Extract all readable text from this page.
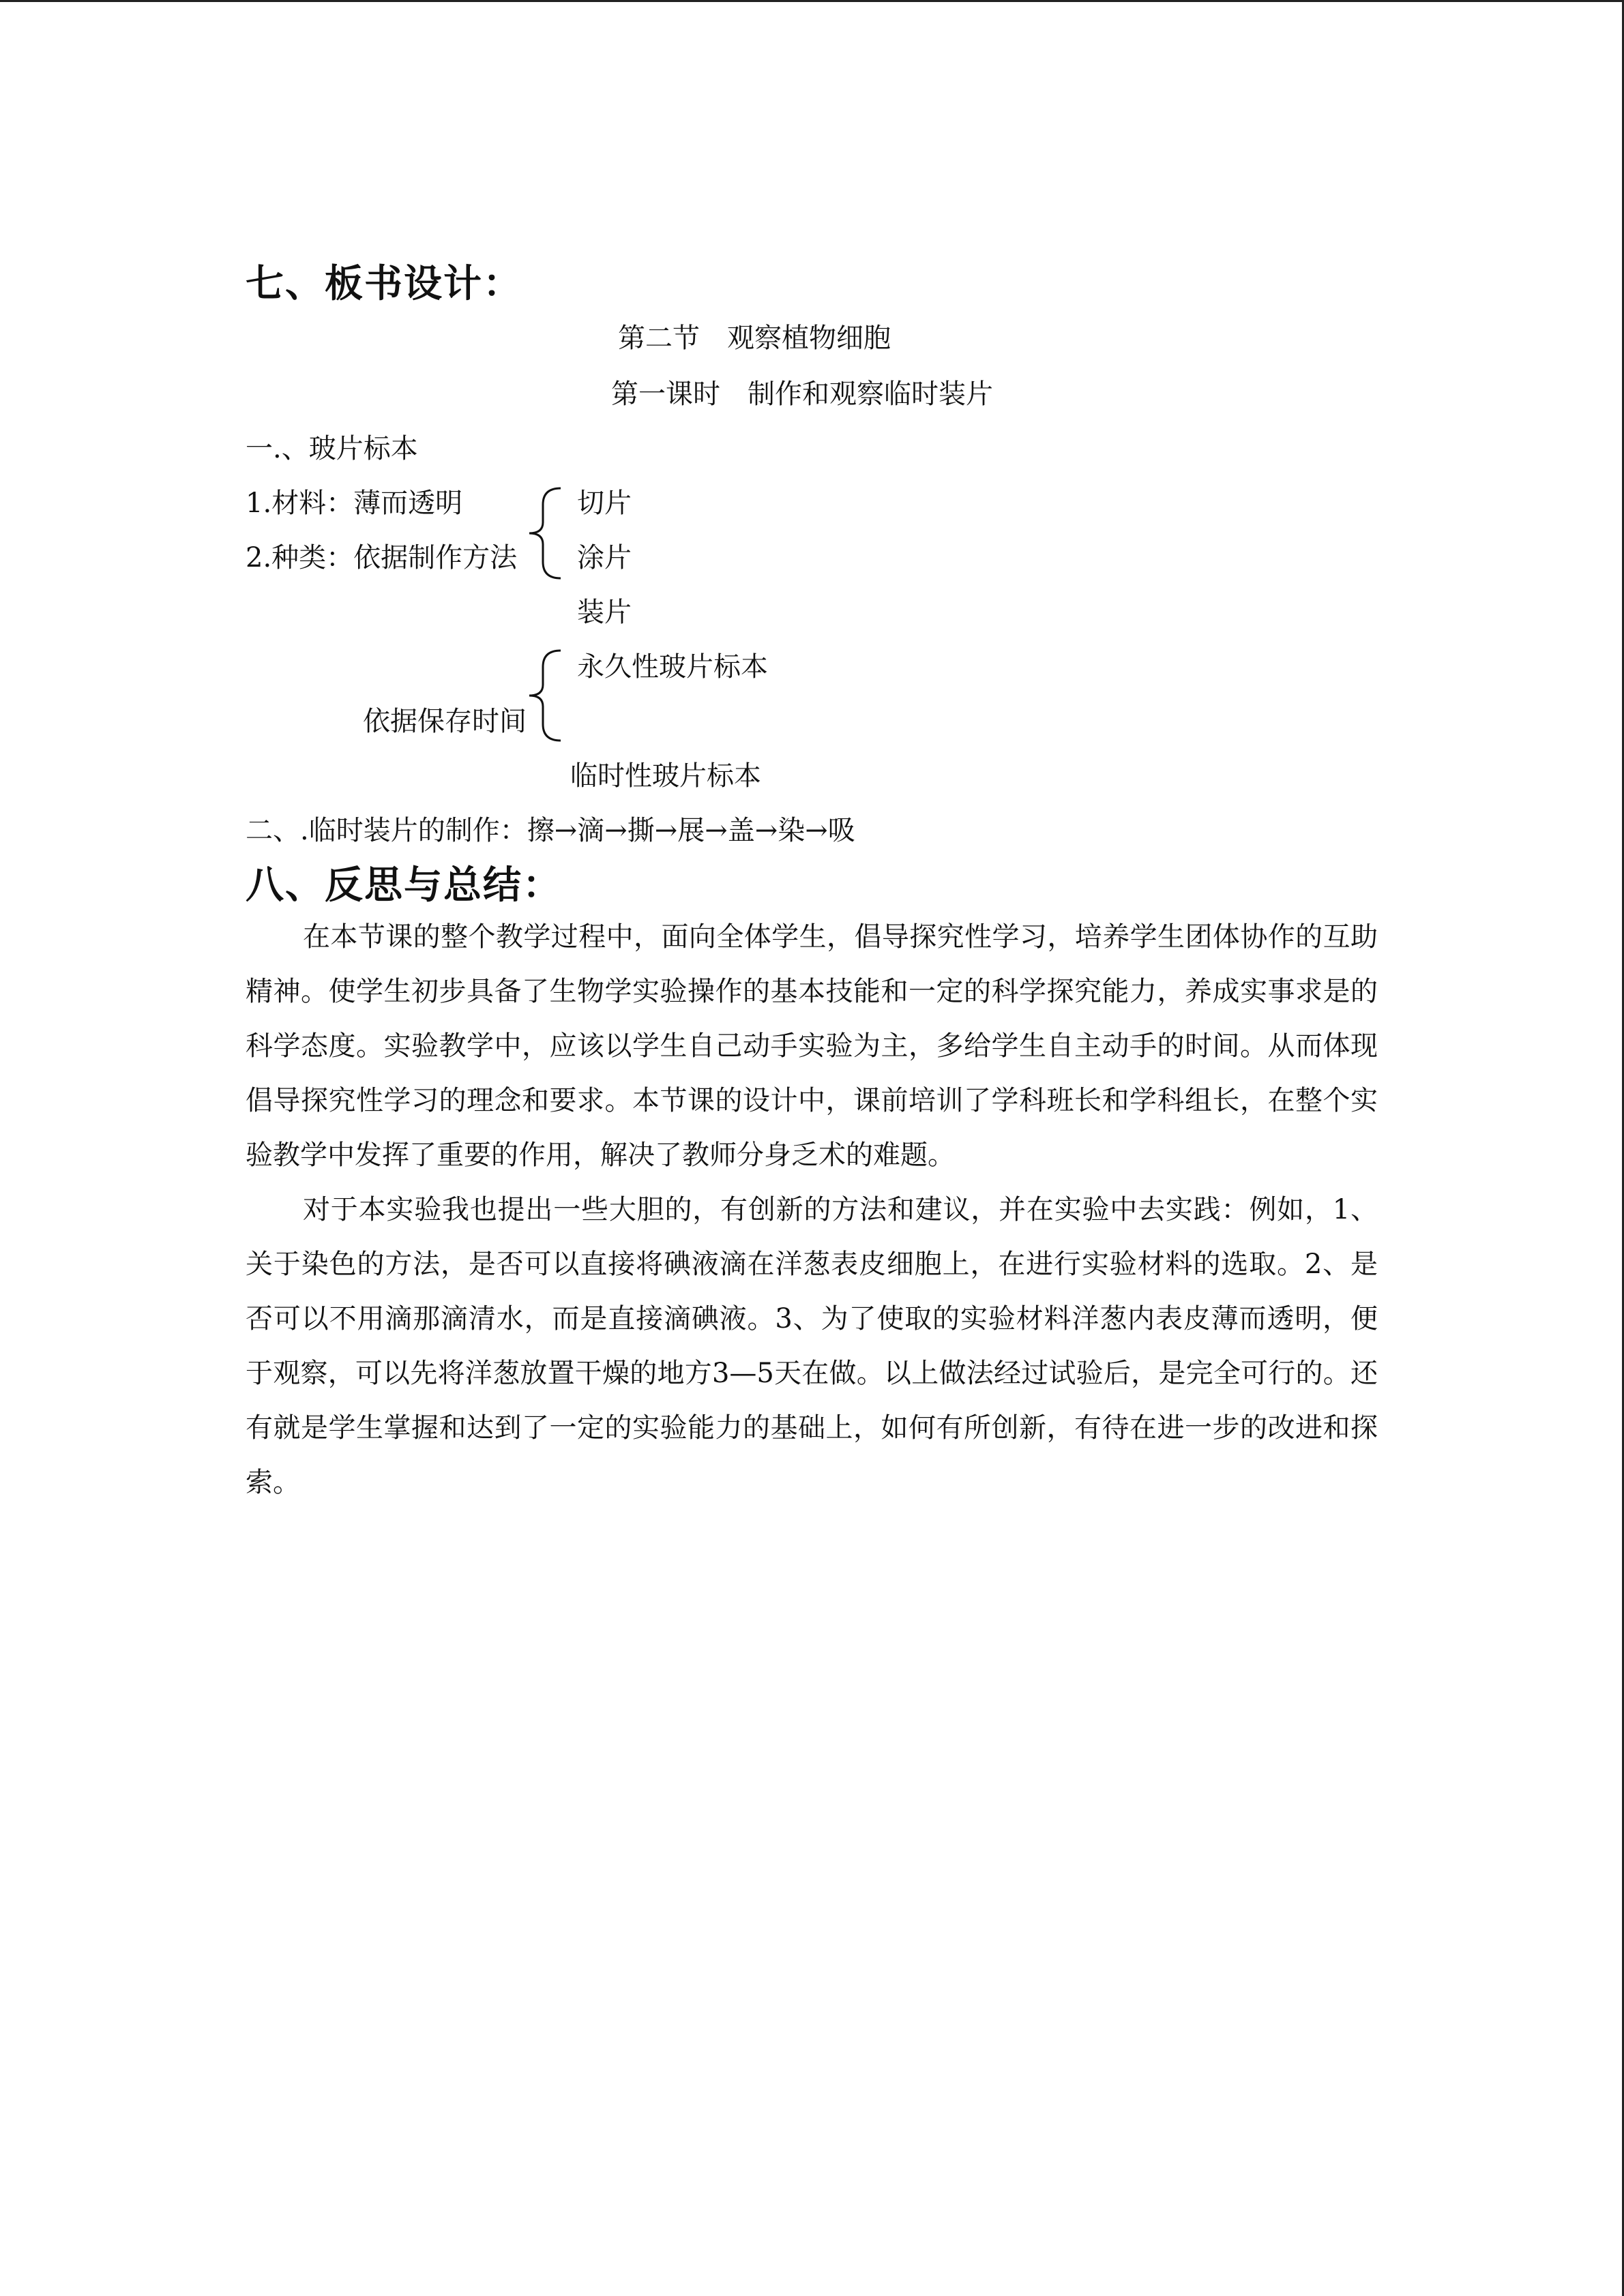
七、板书设计：
第二节　观察植物细胞
第一课时　制作和观察临时装片
一.、玻片标本
1.材料：薄而透明
2.种类：依据制作方法
切片
涂片
装片
永久性玻片标本
依据保存时间
临时性玻片标本
二、.临时装片的制作：擦→滴→撕→展→盖→染→吸
八、反思与总结：
在本节课的整个教学过程中，面向全体学生，倡导探究性学习，培养学生团体协作的互助精神。使学生初步具备了生物学实验操作的基本技能和一定的科学探究能力，养成实事求是的科学态度。实验教学中，应该以学生自己动手实验为主，多给学生自主动手的时间。从而体现倡导探究性学习的理念和要求。本节课的设计中，课前培训了学科班长和学科组长，在整个实验教学中发挥了重要的作用，解决了教师分身乏术的难题。
对于本实验我也提出一些大胆的，有创新的方法和建议，并在实验中去实践：例如，1、关于染色的方法，是否可以直接将碘液滴在洋葱表皮细胞上，在进行实验材料的选取。2、是否可以不用滴那滴清水，而是直接滴碘液。3、为了使取的实验材料洋葱内表皮薄而透明，便于观察，可以先将洋葱放置干燥的地方3—5天在做。以上做法经过试验后，是完全可行的。还有就是学生掌握和达到了一定的实验能力的基础上，如何有所创新，有待在进一步的改进和探索。
